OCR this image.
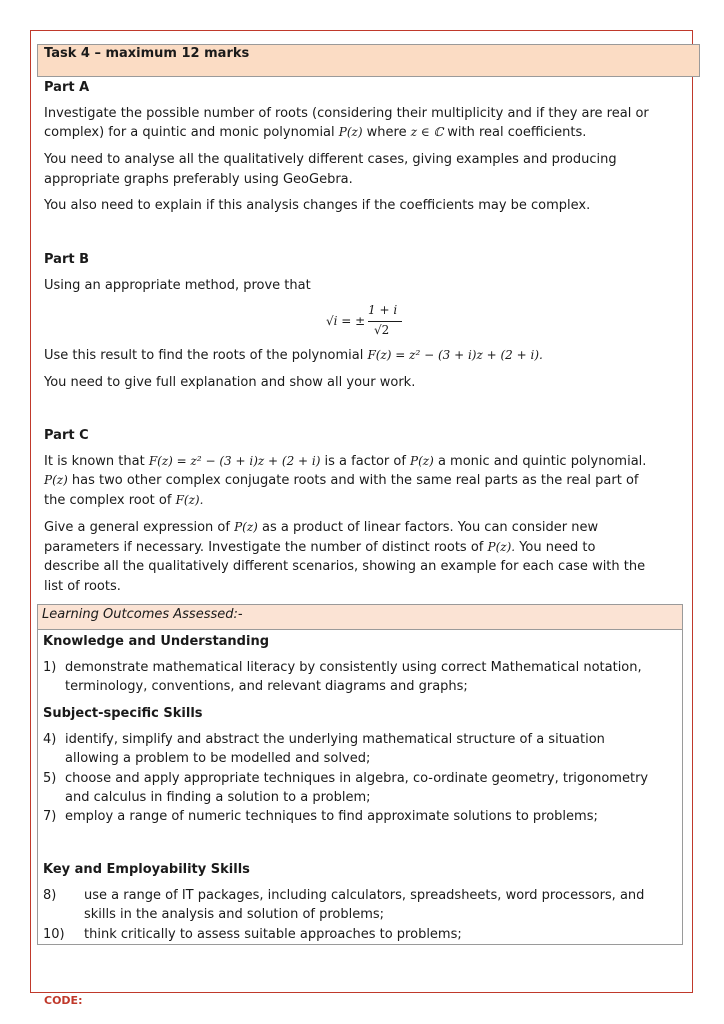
Task 4 – maximum 12 marks
Part A
Investigate the possible number of roots (considering their multiplicity and if they are real or
complex) for a quintic and monic polynomial P(z) where z ∈ ℂ with real coefficients.
You need to analyse all the qualitatively different cases, giving examples and producing
appropriate graphs preferably using GeoGebra.
You also need to explain if this analysis changes if the coefficients may be complex.
Part B
Using an appropriate method, prove that
√i = ±
1 + i
√2
Use this result to find the roots of the polynomial F(z) = z² − (3 + i)z + (2 + i).
You need to give full explanation and show all your work.
Part C
It is known that F(z) = z² − (3 + i)z + (2 + i) is a factor of P(z) a monic and quintic polynomial.
P(z) has two other complex conjugate roots and with the same real parts as the real part of
the complex root of F(z).
Give a general expression of P(z) as a product of linear factors. You can consider new
parameters if necessary. Investigate the number of distinct roots of P(z). You need to
describe all the qualitatively different scenarios, showing an example for each case with the
list of roots.
Learning Outcomes Assessed:-
Knowledge and Understanding
1) demonstrate mathematical literacy by consistently using correct Mathematical notation,
terminology, conventions, and relevant diagrams and graphs;
Subject-specific Skills
4) identify, simplify and abstract the underlying mathematical structure of a situation
allowing a problem to be modelled and solved;
5) choose and apply appropriate techniques in algebra, co-ordinate geometry, trigonometry
and calculus in finding a solution to a problem;
7) employ a range of numeric techniques to find approximate solutions to problems;
Key and Employability Skills
8) use a range of IT packages, including calculators, spreadsheets, word processors, and
skills in the analysis and solution of problems;
10) think critically to assess suitable approaches to problems;
CODE:
